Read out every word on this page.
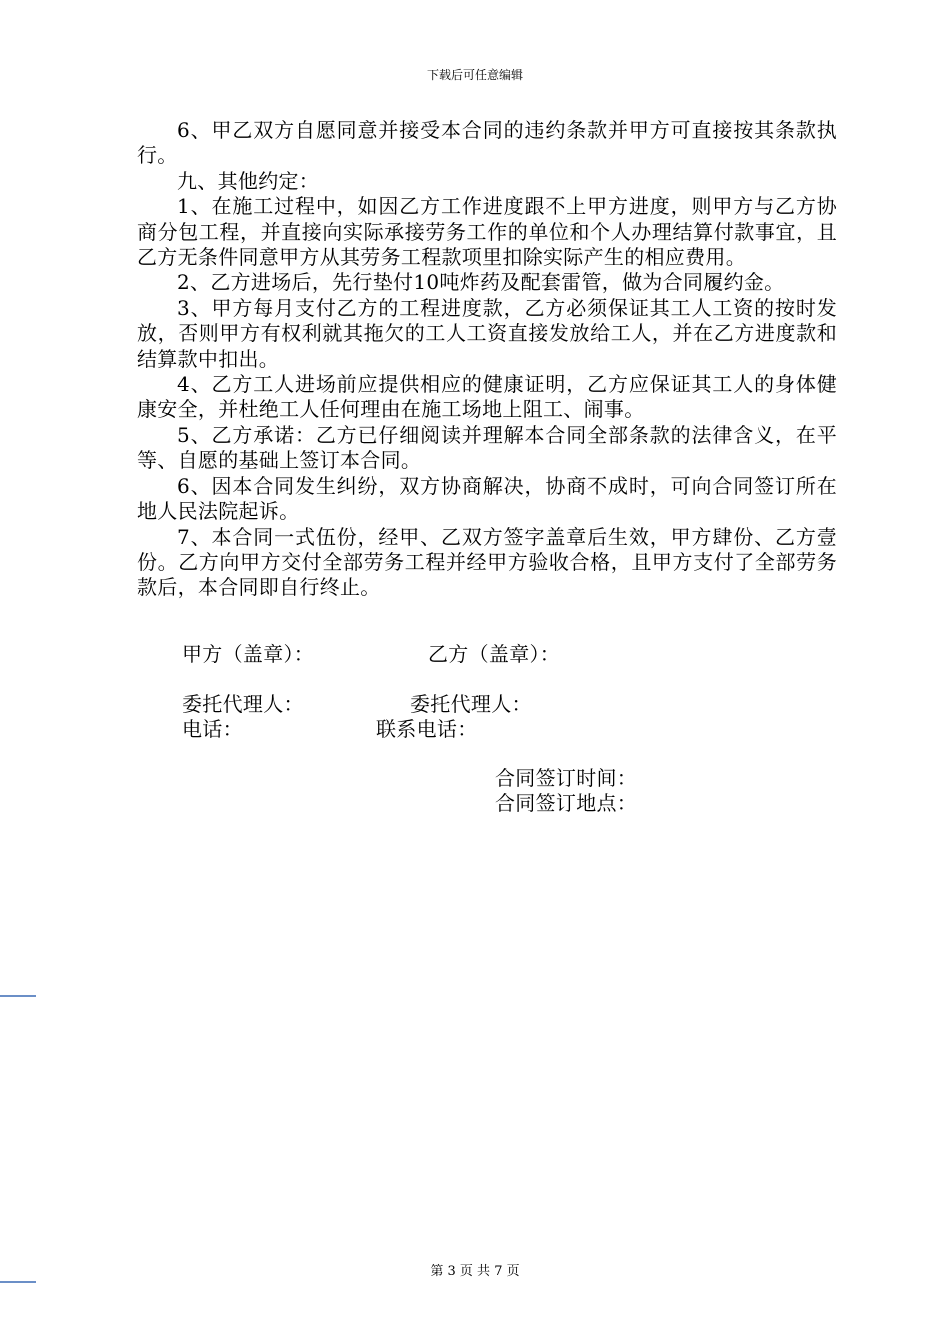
下载后可任意编辑

6、甲乙双方自愿同意并接受本合同的违约条款并甲方可直接按其条款执行。

九、其他约定：

1、在施工过程中，如因乙方工作进度跟不上甲方进度，则甲方与乙方协商分包工程，并直接向实际承接劳务工作的单位和个人办理结算付款事宜，且乙方无条件同意甲方从其劳务工程款项里扣除实际产生的相应费用。

2、乙方进场后，先行垫付10吨炸药及配套雷管，做为合同履约金。

3、甲方每月支付乙方的工程进度款，乙方必须保证其工人工资的按时发放，否则甲方有权利就其拖欠的工人工资直接发放给工人，并在乙方进度款和结算款中扣出。

4、乙方工人进场前应提供相应的健康证明，乙方应保证其工人的身体健康安全，并杜绝工人任何理由在施工场地上阻工、闹事。

5、乙方承诺：乙方已仔细阅读并理解本合同全部条款的法律含义，在平等、自愿的基础上签订本合同。

6、因本合同发生纠纷，双方协商解决，协商不成时，可向合同签订所在地人民法院起诉。

7、本合同一式伍份，经甲、乙双方签字盖章后生效，甲方肆份、乙方壹份。乙方向甲方交付全部劳务工程并经甲方验收合格，且甲方支付了全部劳务款后，本合同即自行终止。

甲方（盖章）：	乙方（盖章）：
委托代理人：	委托代理人：
电话：	联系电话：
合同签订时间：
合同签订地点：
第 3 页 共 7 页
